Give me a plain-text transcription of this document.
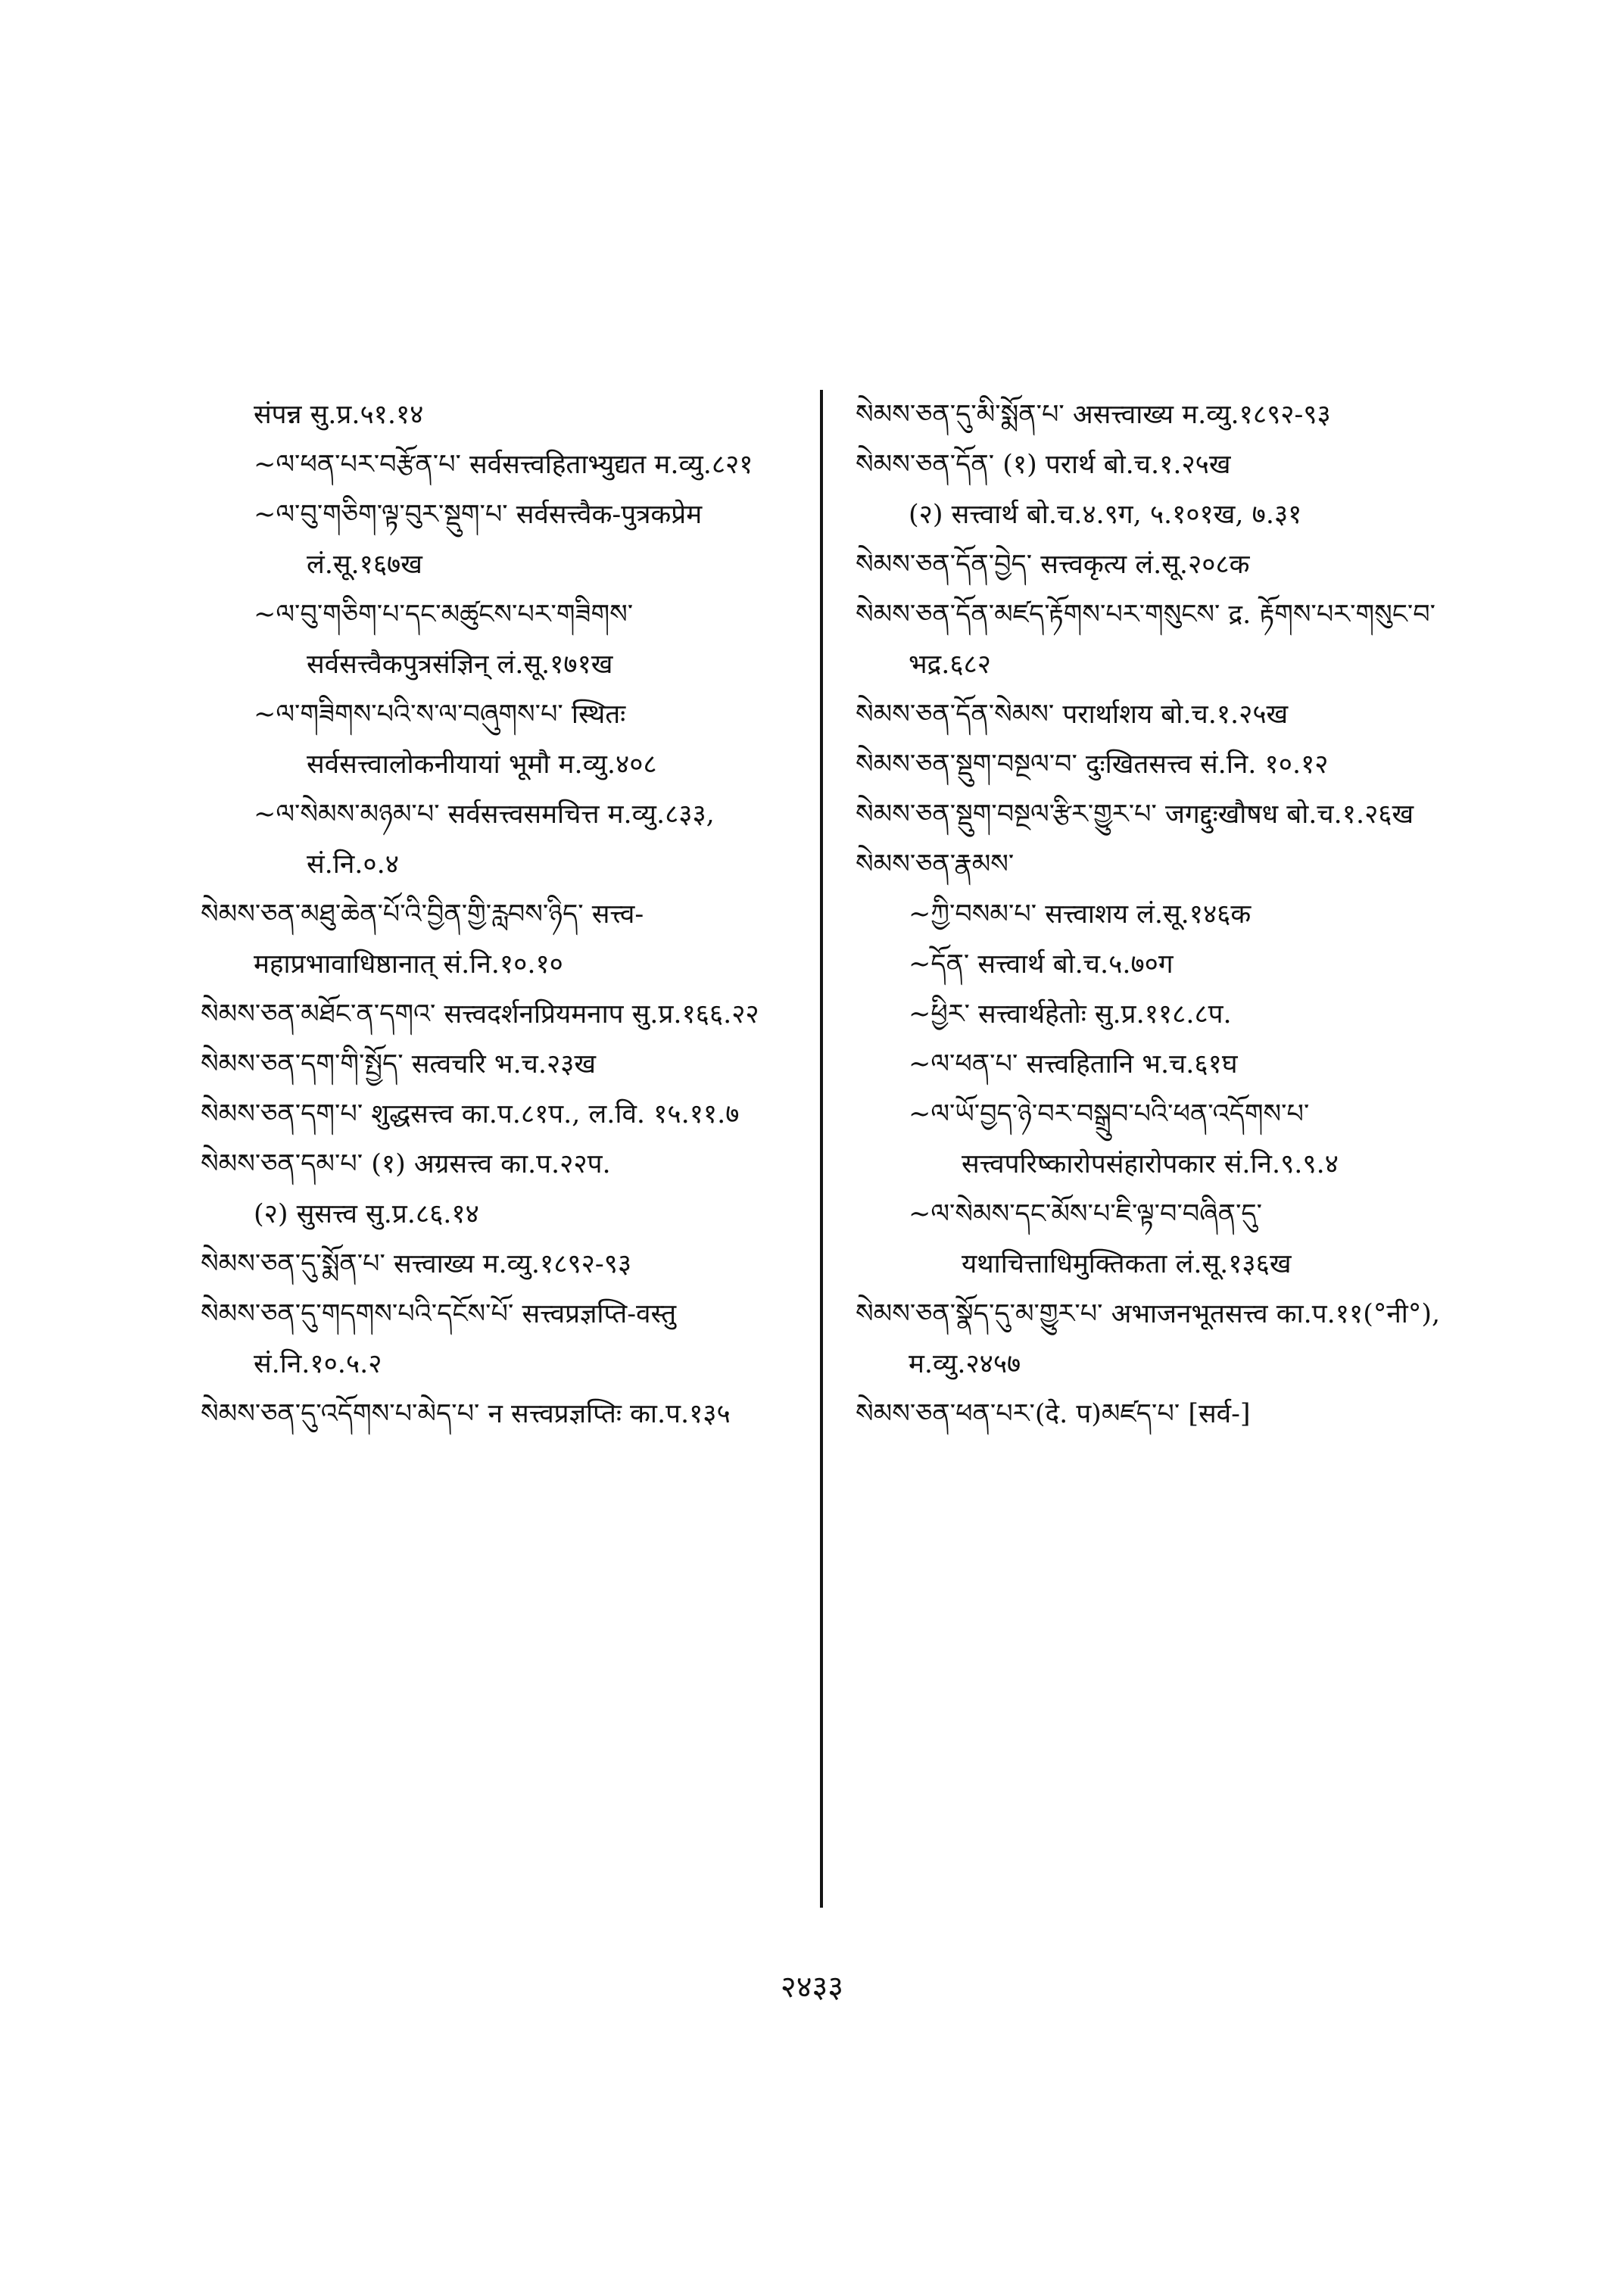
संपन्न सु.प्र.५१.१४

~ལ་ཕན་པར་བརྩོན་པ་ सर्वसत्त्वहिताभ्युद्यत म.व्यु.८२१

~ལ་བུ་གཅིག་ལྟ་བུར་སྡུག་པ་ सर्वसत्त्वैक-पुत्रकप्रेम लं.सू.१६७ख

~ལ་བུ་གཅིག་པ་དང་མཚུངས་པར་གཟིགས་ सर्वसत्त्वैकपुत्रसंज्ञिन् लं.सू.१७१ख

~ལ་གཟིགས་པའི་ས་ལ་བཞུགས་པ་ स्थितः सर्वसत्त्वालोकनीयायां भूमौ म.व्यु.४०८

~ལ་སེམས་མཉམ་པ་ सर्वसत्त्वसमचित्त म.व्यु.८३३, सं.नि.०.४

སེམས་ཅན་མཐུ་ཆེན་པོ་འི་བྱིན་གྱི་རླབས་ཉིད་ सत्त्व-महाप्रभावाधिष्ठानात् सं.नि.१०.१०

སེམས་ཅན་མཐོང་ན་དགའ་ सत्त्वदर्शनप्रियमनाप सु.प्र.१६६.२२

སེམས་ཅན་དག་གི་སྤྱོད་ सत्वचरि भ.च.२३ख

སེམས་ཅན་དག་པ་ शुद्धसत्त्व का.प.८१प., ल.वि. १५.११.७

སེམས་ཅན་དམ་པ་ (१) अग्रसत्त्व का.प.२२प.

(२) सुसत्त्व सु.प्र.८६.१४

སེམས་ཅན་དུ་སྨོན་པ་ सत्त्वाख्य म.व्यु.१८९२-९३

སེམས་ཅན་དུ་གདགས་པའི་དངོས་པོ་ सत्त्वप्रज्ञप्ति-वस्तु सं.नि.१०.५.२

སེམས་ཅན་དུ་འདོགས་པ་མེད་པ་ न सत्त्वप्रज्ञप्तिः का.प.१३५

སེམས་ཅན་དུ་མི་སྨོན་པ་ असत्त्वाख्य म.व्यु.१८९२-९३

སེམས་ཅན་དོན་ (१) परार्थ बो.च.१.२५ख

(२) सत्त्वार्थ बो.च.४.९ग, ५.१०१ख, ७.३१

སེམས་ཅན་དོན་བྱེད་ सत्त्वकृत्य लं.सू.२०८क

སེམས་ཅན་དོན་མཛད་རྟོགས་པར་གསུངས་ द्र. རྟོགས་པར་གསུང་བ་ भद्र.६८२

སེམས་ཅན་དོན་སེམས་ परार्थाशय बो.च.१.२५ख

སེམས་ཅན་སྡུག་བསྔལ་བ་ दुःखितसत्त्व सं.नि. १०.१२

སེམས་ཅན་སྡུག་བསྔལ་རྩིར་གྱུར་པ་ जगद्दुःखौषध बो.च.१.२६ख

སེམས་ཅན་རྣམས་

~ཀྱི་བསམ་པ་ सत्त्वाशय लं.सू.१४६क

~དོན་ सत्त्वार्थ बो.च.५.७०ग

~ཕྱིར་ सत्त्वार्थहेतोः सु.प्र.११८.८प.

~ལ་ཕན་པ་ सत्त्वहितानि भ.च.६१घ

~ལ་ཡོ་བྱད་ཉེ་བར་བསྒྲུབ་པའི་ཕན་འདོགས་པ་ सत्त्वपरिष्कारोपसंहारोपकार सं.नि.९.९.४

~ལ་སེམས་དང་མོས་པ་ཇི་ལྟ་བ་བཞིན་དུ་ यथाचित्ताधिमुक्तिकता लं.सू.१३६ख

སེམས་ཅན་སྣོད་དུ་མ་གྱུར་པ་ अभाजनभूतसत्त्व का.प.११(°नी°), म.व्यु.२४५७

སེམས་ཅན་ཕན་པར་(दे. प)མཛད་པ་ [सर्व-]

२४३३
